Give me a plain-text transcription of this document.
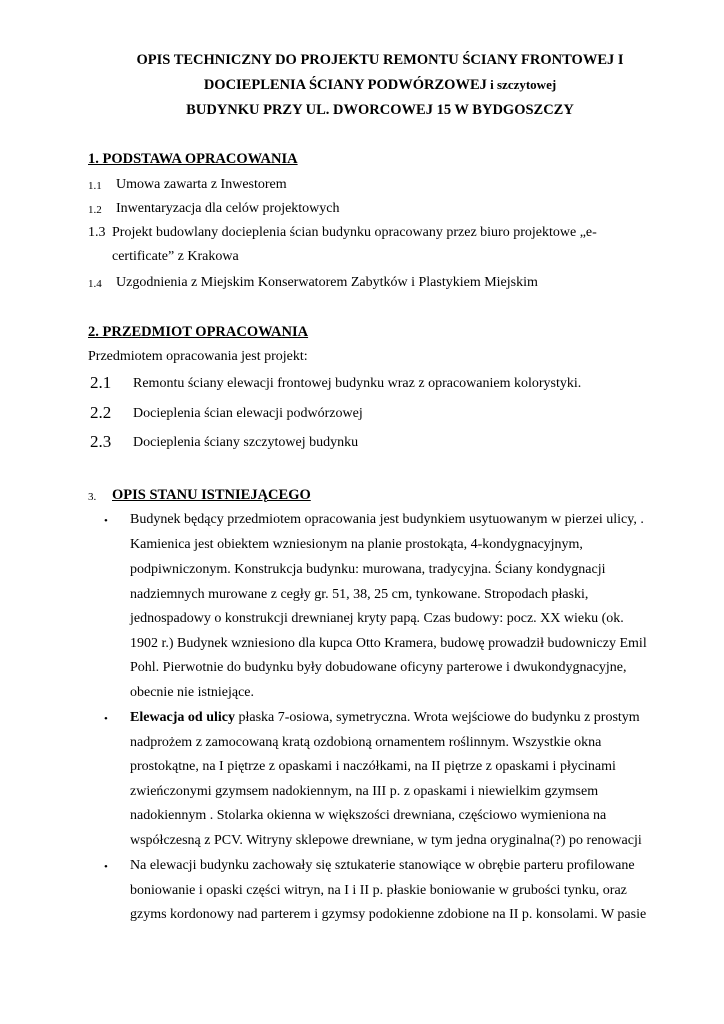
OPIS TECHNICZNY DO PROJEKTU REMONTU ŚCIANY FRONTOWEJ I
DOCIEPLENIA ŚCIANY PODWÓRZOWEJ i szczytowej
BUDYNKU PRZY UL. DWORCOWEJ 15 W BYDGOSZCZY
1. PODSTAWA OPRACOWANIA
1.1 Umowa zawarta z Inwestorem
1.2 Inwentaryzacja dla celów projektowych
1.3 Projekt budowlany docieplenia ścian budynku opracowany przez biuro projektowe „e-
certificate” z Krakowa
1.4 Uzgodnienia z Miejskim Konserwatorem Zabytków i Plastykiem Miejskim
2. PRZEDMIOT OPRACOWANIA
Przedmiotem opracowania jest projekt:
2.1 Remontu ściany elewacji frontowej budynku wraz z opracowaniem kolorystyki.
2.2 Docieplenia ścian elewacji podwórzowej
2.3 Docieplenia ściany szczytowej budynku
3. OPIS STANU ISTNIEJĄCEGO
• Budynek będący przedmiotem opracowania jest budynkiem usytuowanym w pierzei ulicy, .
Kamienica jest obiektem wzniesionym na planie prostokąta, 4-kondygnacyjnym,
podpiwniczonym. Konstrukcja budynku: murowana, tradycyjna. Ściany kondygnacji
nadziemnych murowane z cegły gr. 51, 38, 25 cm, tynkowane. Stropodach płaski,
jednospadowy o konstrukcji drewnianej kryty papą. Czas budowy: pocz. XX wieku (ok.
1902 r.) Budynek wzniesiono dla kupca Otto Kramera, budowę prowadził budowniczy Emil
Pohl. Pierwotnie do budynku były dobudowane oficyny parterowe i dwukondygnacyjne,
obecnie nie istniejące.
• Elewacja od ulicy płaska 7-osiowa, symetryczna. Wrota wejściowe do budynku z prostym
nadprożem z zamocowaną kratą ozdobioną ornamentem roślinnym. Wszystkie okna
prostokątne, na I piętrze z opaskami i naczółkami, na II piętrze z opaskami i płycinami
zwieńczonymi gzymsem nadokiennym, na III p. z opaskami i niewielkim gzymsem
nadokiennym . Stolarka okienna w większości drewniana, częściowo wymieniona na
współczesną z PCV. Witryny sklepowe drewniane, w tym jedna oryginalna(?) po renowacji
• Na elewacji budynku zachowały się sztukaterie stanowiące w obrębie parteru profilowane
boniowanie i opaski części witryn, na I i II p. płaskie boniowanie w grubości tynku, oraz
gzyms kordonowy nad parterem i gzymsy podokienne zdobione na II p. konsolami. W pasie
